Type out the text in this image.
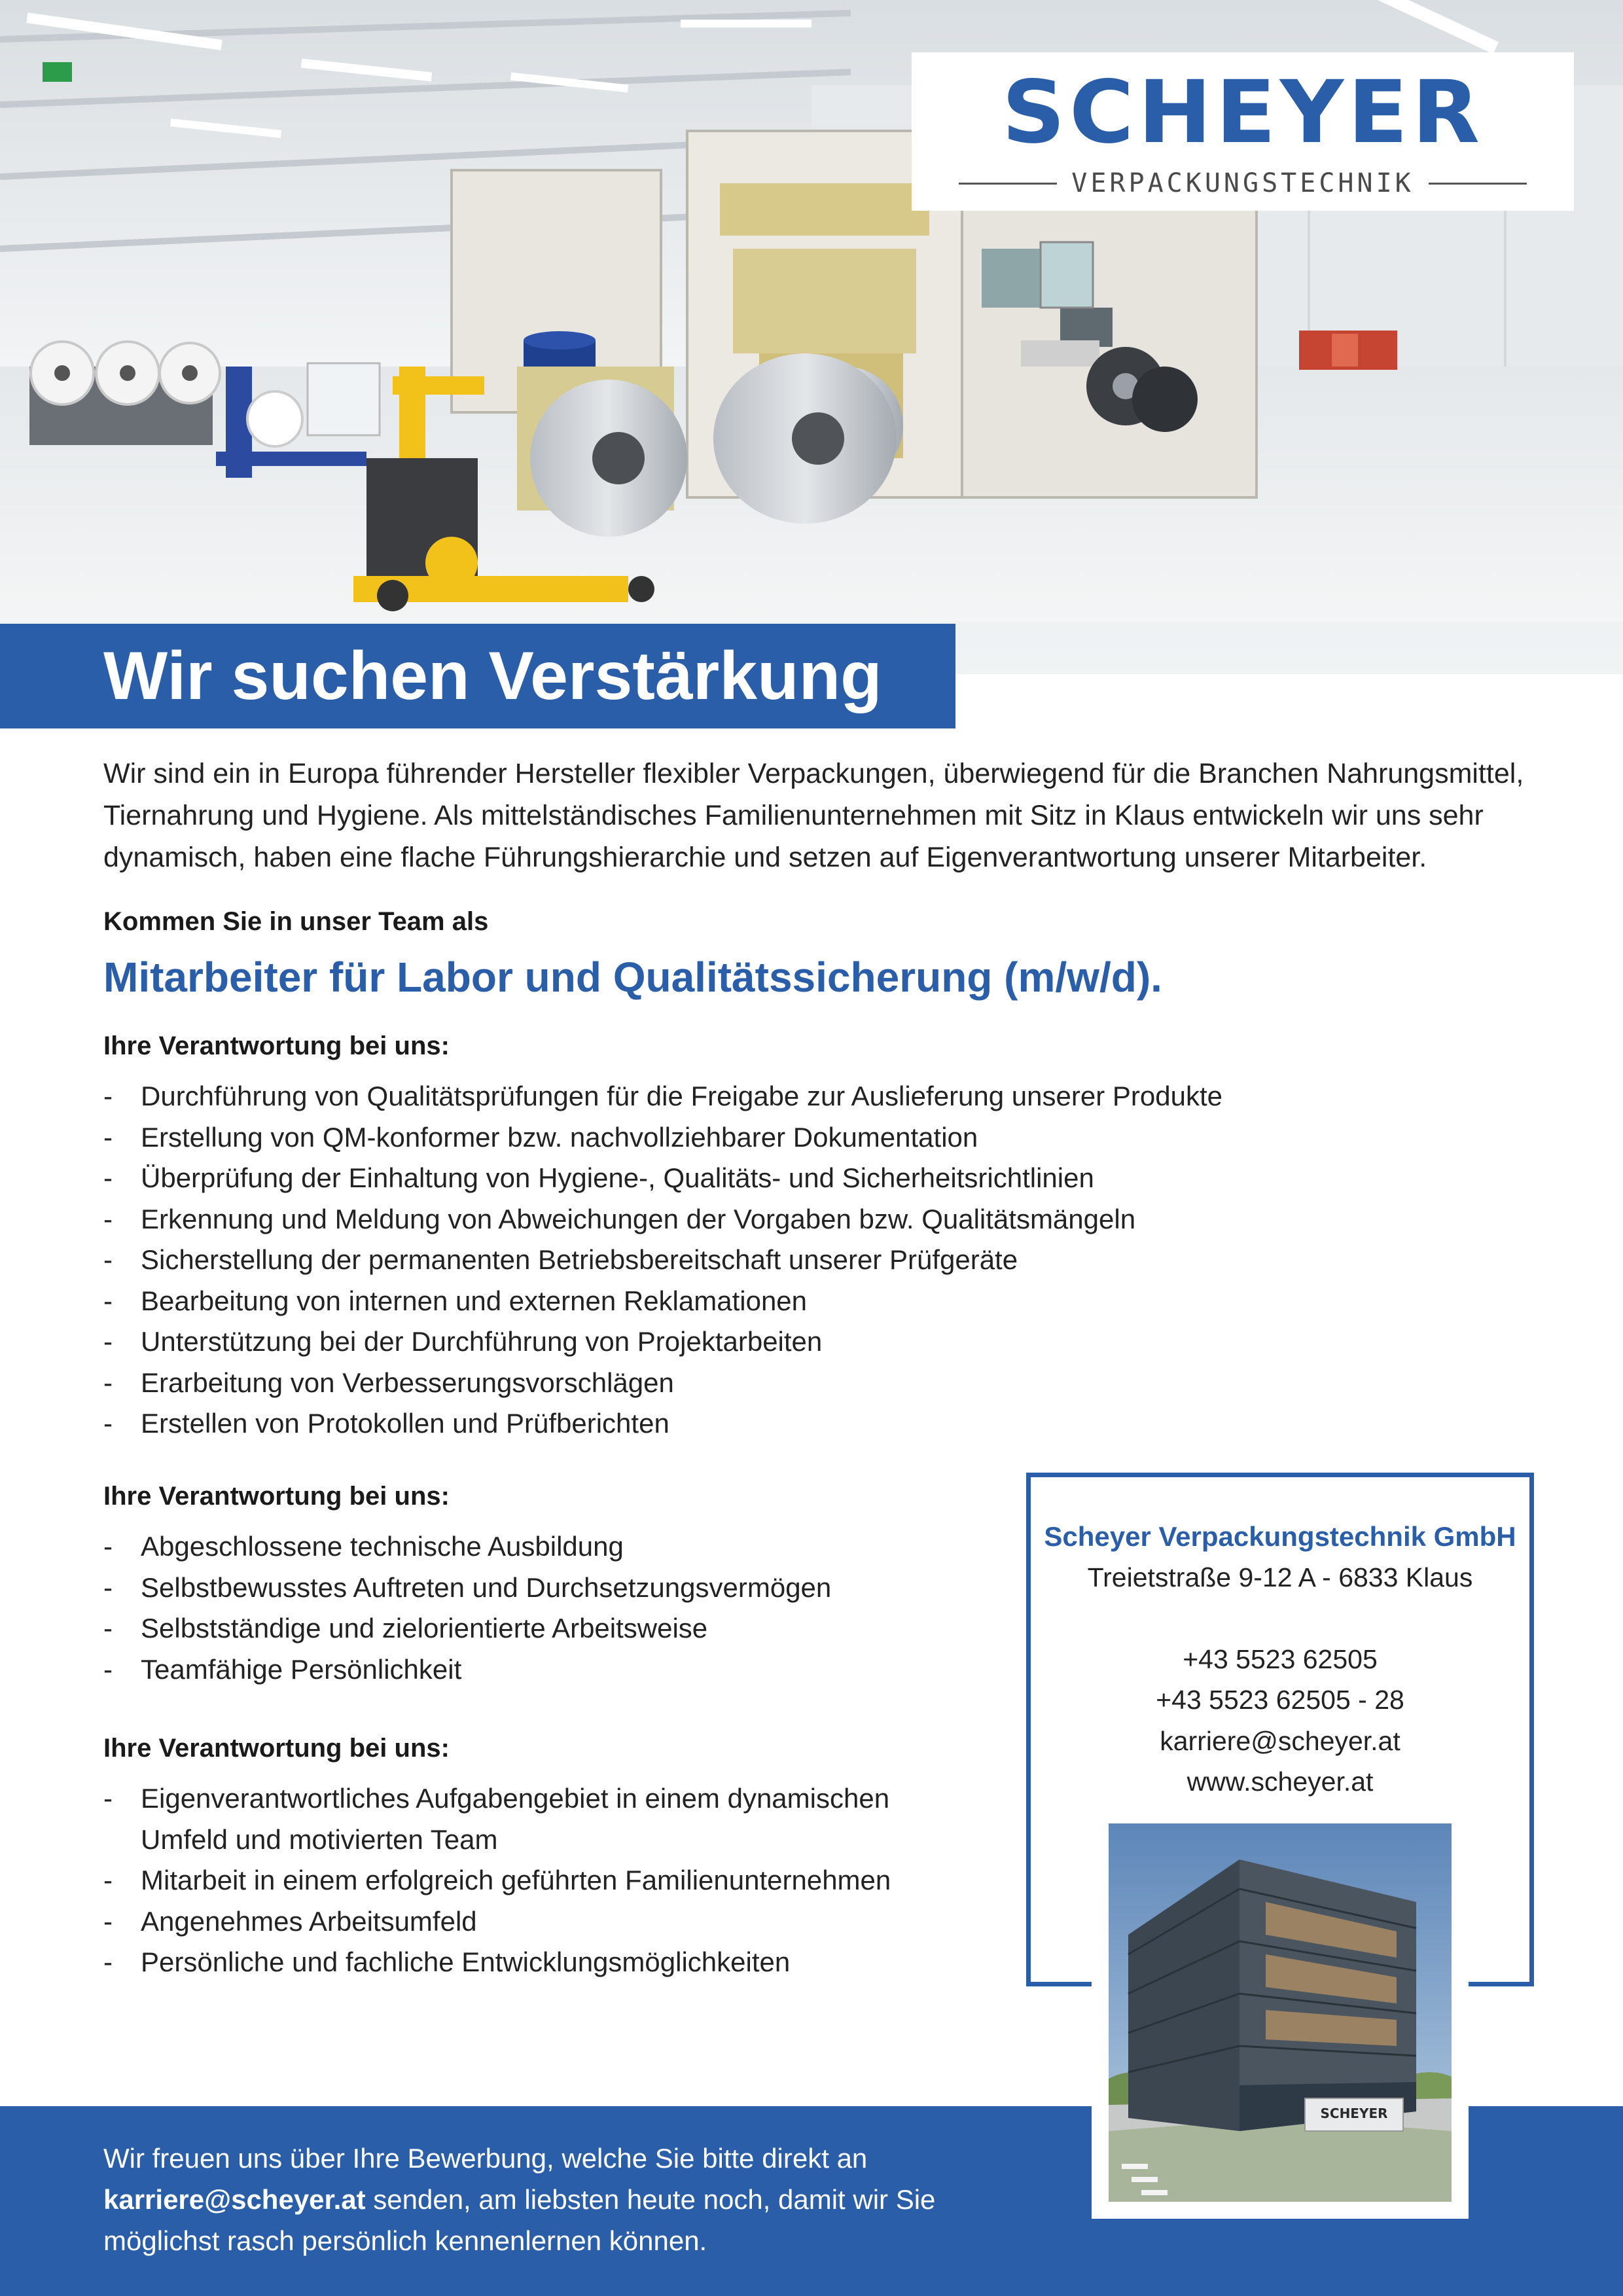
SCHEYER
VERPACKUNGSTECHNIK
Wir suchen Verstärkung

Wir sind ein in Europa führender Hersteller flexibler Verpackungen, überwiegend für die Branchen Nahrungsmittel, Tiernahrung und Hygiene. Als mittelständisches Familienunternehmen mit Sitz in Klaus entwickeln wir uns sehr dynamisch, haben eine flache Führungshierarchie und setzen auf Eigenverantwortung unserer Mitarbeiter.

Kommen Sie in unser Team als

Mitarbeiter für Labor und Qualitätssicherung (m/w/d).
Ihre Verantwortung bei uns:
- Durchführung von Qualitätsprüfungen für die Freigabe zur Auslieferung unserer Produkte
- Erstellung von QM-konformer bzw. nachvollziehbarer Dokumentation
- Überprüfung der Einhaltung von Hygiene-, Qualitäts- und Sicherheitsrichtlinien
- Erkennung und Meldung von Abweichungen der Vorgaben bzw. Qualitätsmängeln
- Sicherstellung der permanenten Betriebsbereitschaft unserer Prüfgeräte
- Bearbeitung von internen und externen Reklamationen
- Unterstützung bei der Durchführung von Projektarbeiten
- Erarbeitung von Verbesserungsvorschlägen
- Erstellen von Protokollen und Prüfberichten
Ihre Verantwortung bei uns:
- Abgeschlossene technische Ausbildung
- Selbstbewusstes Auftreten und Durchsetzungsvermögen
- Selbstständige und zielorientierte Arbeitsweise
- Teamfähige Persönlichkeit
Ihre Verantwortung bei uns:
- Eigenverantwortliches Aufgabengebiet in einem dynamischen
Umfeld und motivierten Team
- Mitarbeit in einem erfolgreich geführten Familienunternehmen
- Angenehmes Arbeitsumfeld
- Persönliche und fachliche Entwicklungsmöglichkeiten
Scheyer Verpackungstechnik GmbH
Treietstraße 9-12 A - 6833 Klaus
+43 5523 62505
+43 5523 62505 - 28
karriere@scheyer.at
www.scheyer.at
Wir freuen uns über Ihre Bewerbung, welche Sie bitte direkt an
karriere@scheyer.at senden, am liebsten heute noch, damit wir Sie
möglichst rasch persönlich kennenlernen können.
SCHEYER
